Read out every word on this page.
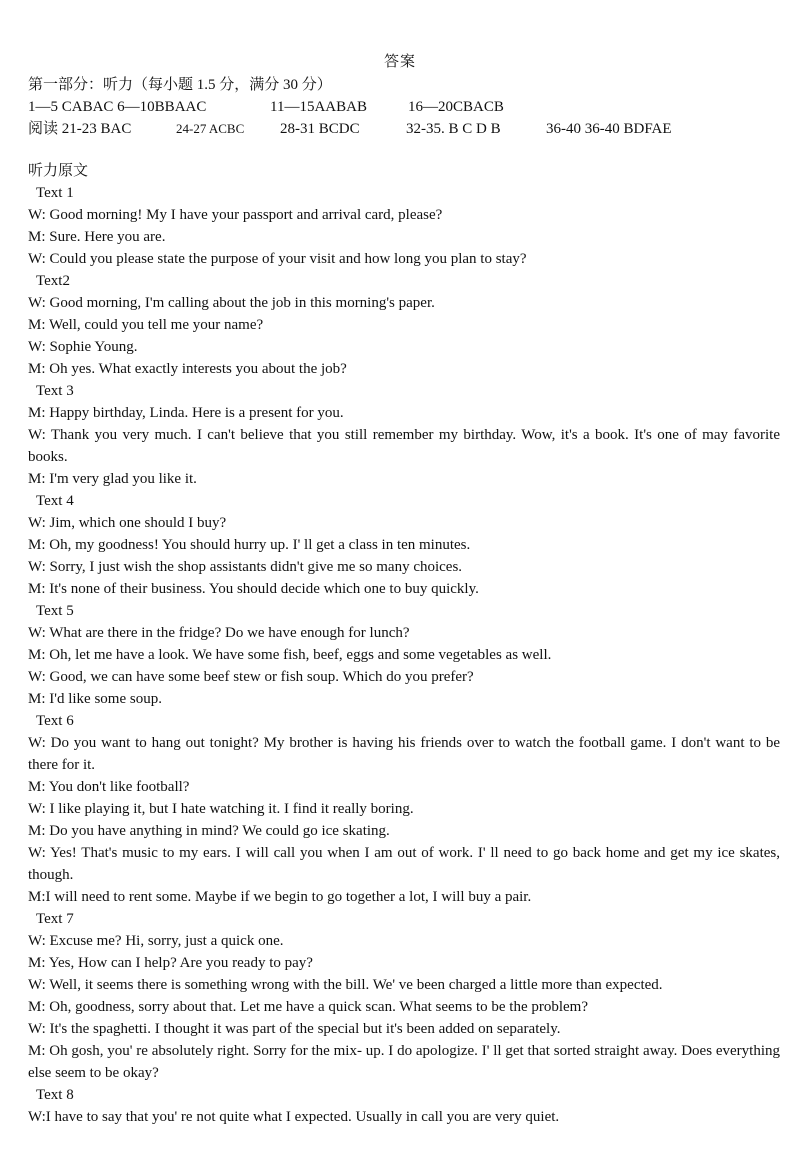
答案
第一部分：听力（每小题 1.5 分，满分 30 分）
1—5 CABAC 6—10BBAAC	11—15AABAB	16—20CBACB
阅读 21-23 BAC	24-27 ACBC 28-31 BCDC	32-35. B C D B	36-40 36-40 BDFAE
听力原文
Text 1
W: Good morning! My I have your passport and arrival card, please?
M: Sure. Here you are.
W: Could you please state the purpose of your visit and how long you plan to stay?
Text2
W: Good morning, I'm calling about the job in this morning's paper.
M: Well, could you tell me your name?
W: Sophie Young.
M: Oh yes. What exactly interests you about the job?
Text 3
M: Happy birthday, Linda. Here is a present for you.
W: Thank you very much. I can't believe that you still remember my birthday. Wow, it's a book. It's one of may favorite books.
M: I'm very glad you like it.
Text 4
W: Jim, which one should I buy?
M: Oh, my goodness! You should hurry up. I' ll get a class in ten minutes.
W: Sorry, I just wish the shop assistants didn't give me so many choices.
M: It's none of their business. You should decide which one to buy quickly.
Text 5
W: What are there in the fridge? Do we have enough for lunch?
M: Oh, let me have a look. We have some fish, beef, eggs and some vegetables as well.
W: Good, we can have some beef stew or fish soup. Which do you prefer?
M: I'd like some soup.
Text 6
W: Do you want to hang out tonight? My brother is having his friends over to watch the football game. I don't want to be there for it.
M: You don't like football?
W: I like playing it, but I hate watching it. I find it really boring.
M: Do you have anything in mind? We could go ice skating.
W: Yes! That's music to my ears. I will call you when I am out of work. I' ll need to go back home and get my ice skates, though.
M:I will need to rent some. Maybe if we begin to go together a lot, I will buy a pair.
Text 7
W: Excuse me? Hi, sorry, just a quick one.
M: Yes, How can I help? Are you ready to pay?
W: Well, it seems there is something wrong with the bill. We' ve been charged a little more than expected.
M: Oh, goodness, sorry about that. Let me have a quick scan. What seems to be the problem?
W: It's the spaghetti. I thought it was part of the special but it's been added on separately.
M: Oh gosh, you' re absolutely right. Sorry for the mix- up. I do apologize. I' ll get that sorted straight away. Does everything else seem to be okay?
Text 8
W:I have to say that you' re not quite what I expected. Usually in call you are very quiet.
